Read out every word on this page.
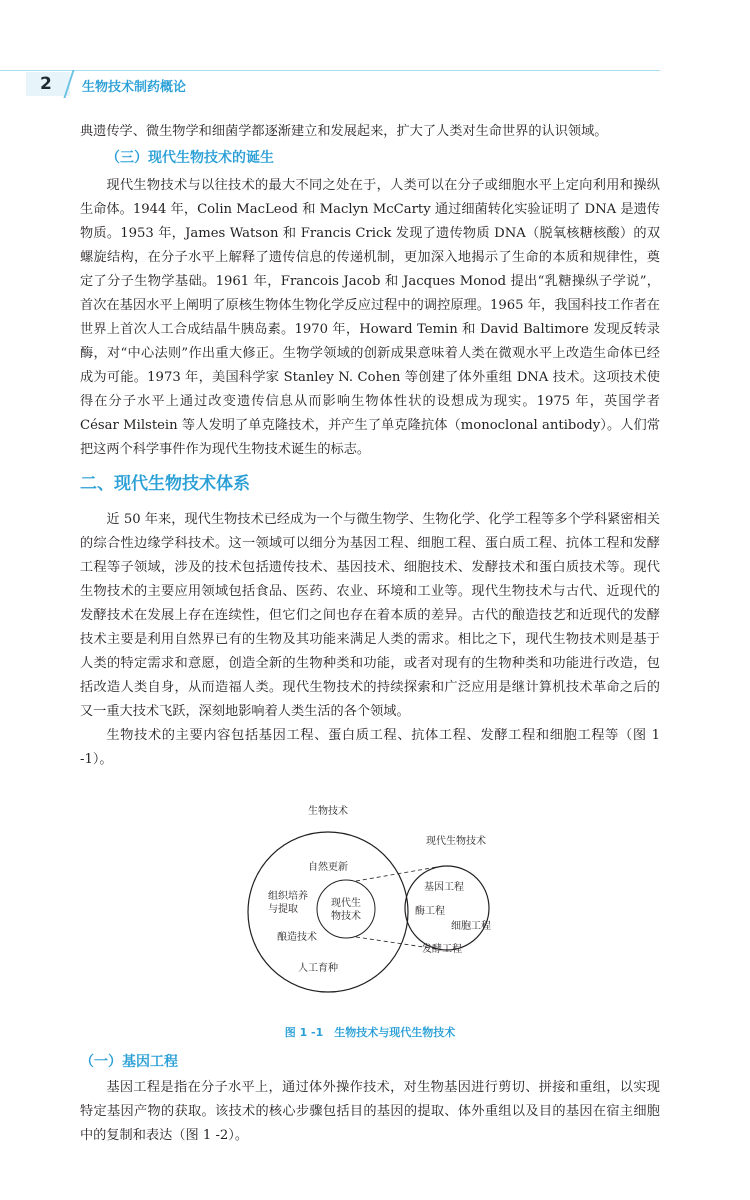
2	生物技术制药概论

典遗传学、微生物学和细菌学都逐渐建立和发展起来，扩大了人类对生命世界的认识领域。

（三）现代生物技术的诞生

现代生物技术与以往技术的最大不同之处在于，人类可以在分子或细胞水平上定向利用和操纵生命体。1944 年，Colin MacLeod 和 Maclyn McCarty 通过细菌转化实验证明了 DNA 是遗传物质。1953 年，James Watson 和 Francis Crick 发现了遗传物质 DNA（脱氧核糖核酸）的双螺旋结构，在分子水平上解释了遗传信息的传递机制，更加深入地揭示了生命的本质和规律性，奠定了分子生物学基础。1961 年，Francois Jacob 和 Jacques Monod 提出“乳糖操纵子学说”，首次在基因水平上阐明了原核生物体生物化学反应过程中的调控原理。1965 年，我国科技工作者在世界上首次人工合成结晶牛胰岛素。1970 年，Howard Temin 和 David Baltimore 发现反转录酶，对“中心法则”作出重大修正。生物学领域的创新成果意味着人类在微观水平上改造生命体已经成为可能。1973 年，美国科学家 Stanley N. Cohen 等创建了体外重组 DNA 技术。这项技术使得在分子水平上通过改变遗传信息从而影响生物体性状的设想成为现实。1975 年，英国学者 César Milstein 等人发明了单克隆技术，并产生了单克隆抗体（monoclonal antibody）。人们常把这两个科学事件作为现代生物技术诞生的标志。

二、现代生物技术体系

近 50 年来，现代生物技术已经成为一个与微生物学、生物化学、化学工程等多个学科紧密相关的综合性边缘学科技术。这一领域可以细分为基因工程、细胞工程、蛋白质工程、抗体工程和发酵工程等子领域，涉及的技术包括遗传技术、基因技术、细胞技术、发酵技术和蛋白质技术等。现代生物技术的主要应用领域包括食品、医药、农业、环境和工业等。现代生物技术与古代、近现代的发酵技术在发展上存在连续性，但它们之间也存在着本质的差异。古代的酿造技艺和近现代的发酵技术主要是利用自然界已有的生物及其功能来满足人类的需求。相比之下，现代生物技术则是基于人类的特定需求和意愿，创造全新的生物种类和功能，或者对现有的生物种类和功能进行改造，包括改造人类自身，从而造福人类。现代生物技术的持续探索和广泛应用是继计算机技术革命之后的又一重大技术飞跃，深刻地影响着人类生活的各个领域。

生物技术的主要内容包括基因工程、蛋白质工程、抗体工程、发酵工程和细胞工程等（图 1 -1）。

生物技术
自然更新
组织培养
与提取
酿造技术
人工育种
现代生
物技术
现代生物技术
基因工程
酶工程
细胞工程
发酵工程
图 1 -1　生物技术与现代生物技术
（一）基因工程

基因工程是指在分子水平上，通过体外操作技术，对生物基因进行剪切、拼接和重组，以实现特定基因产物的获取。该技术的核心步骤包括目的基因的提取、体外重组以及目的基因在宿主细胞中的复制和表达（图 1 -2）。
